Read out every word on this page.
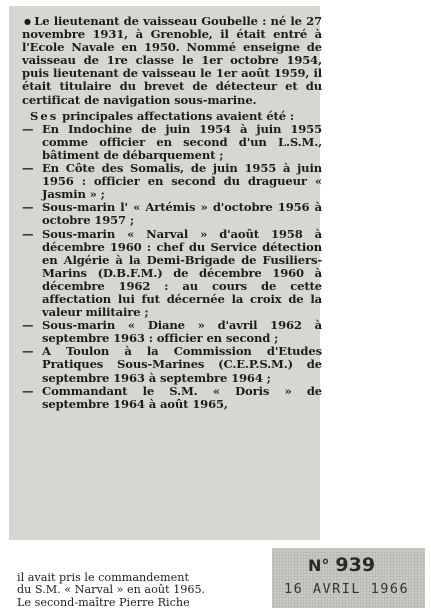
● Le lieutenant de vaisseau Goubelle : né le 27 novembre 1931, à Grenoble, il était entré à l'Ecole Navale en 1950. Nommé enseigne de vaisseau de 1re classe le 1er octobre 1954, puis lieutenant de vaisseau le 1er août 1959, il était titulaire du brevet de détecteur et du certificat de navigation sous-marine.

Ses principales affectations avaient été :

— En Indochine de juin 1954 à juin 1955 comme officier en second d'un L.S.M., bâtiment de débarquement ;

— En Côte des Somalis, de juin 1955 à juin 1956 : officier en second du dragueur « Jasmin » ;

— Sous-marin l' « Artémis » d'octobre 1956 à octobre 1957 ;

— Sous-marin « Narval » d'août 1958 à décembre 1960 : chef du Service détection en Algérie à la Demi-Brigade de Fusiliers-Marins (D.B.F.M.) de décembre 1960 à décembre 1962 : au cours de cette affectation lui fut décernée la croix de la valeur militaire ;

— Sous-marin « Diane » d'avril 1962 à septembre 1963 : officier en second ;

— A Toulon à la Commission d'Etudes Pratiques Sous-Marines (C.E.P.S.M.) de septembre 1963 à septembre 1964 ;

— Commandant le S.M. « Doris » de septembre 1964 à août 1965,

il avait pris le commandement

du S.M. « Narval » en août 1965.

Le second-maître Pierre Riche

N° 939
16 AVRIL 1966
